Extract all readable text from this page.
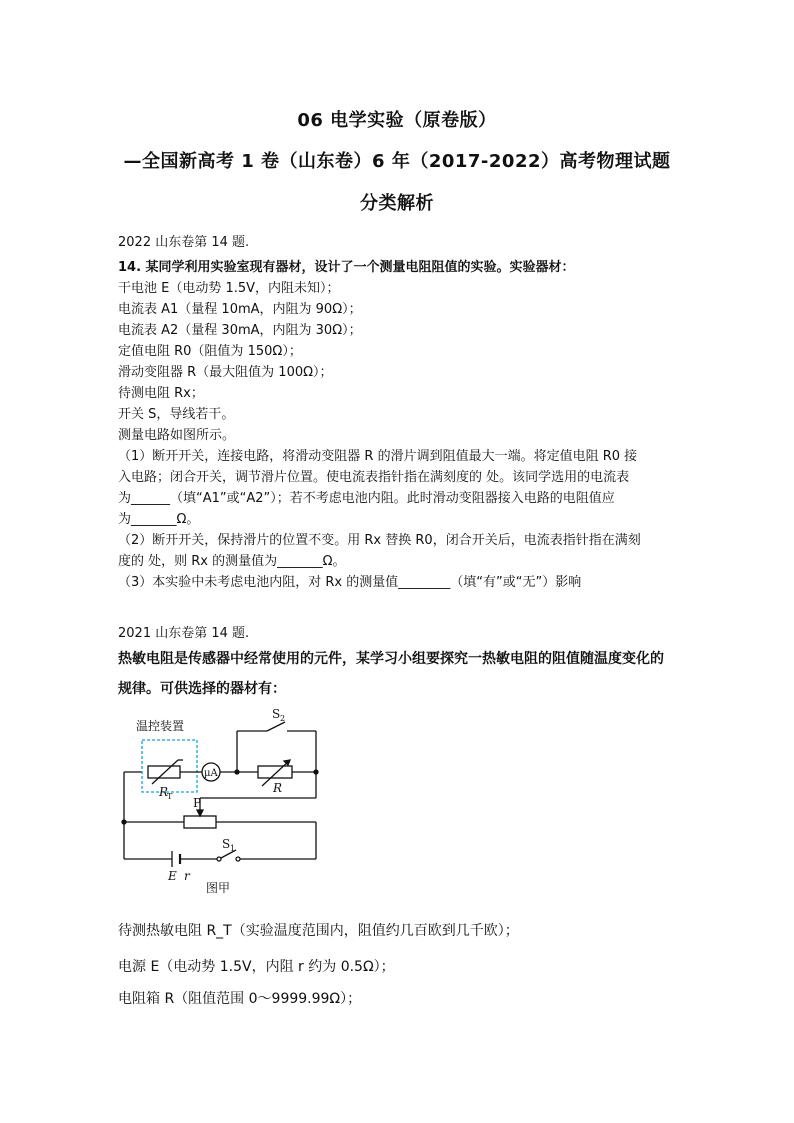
06 电学实验（原卷版）
—全国新高考 1 卷（山东卷）6 年（2017-2022）高考物理试题
分类解析
2022 山东卷第 14 题.
14. 某同学利用实验室现有器材，设计了一个测量电阻阻值的实验。实验器材：
干电池 E（电动势 1.5V，内阻未知）；
电流表 A1（量程 10mA，内阻为 90Ω）；
电流表 A2（量程 30mA，内阻为 30Ω）；
定值电阻 R0（阻值为 150Ω）；
滑动变阻器 R（最大阻值为 100Ω）；
待测电阻 Rx；
开关 S，导线若干。
测量电路如图所示。
（1）断开开关，连接电路，将滑动变阻器 R 的滑片调到阻值最大一端。将定值电阻 R0 接
入电路；闭合开关，调节滑片位置。使电流表指针指在满刻度的 处。该同学选用的电流表
为______（填“A1”或“A2”）；若不考虑电池内阻。此时滑动变阻器接入电路的电阻值应
为_______Ω。
（2）断开开关，保持滑片的位置不变。用 Rx 替换 R0，闭合开关后，电流表指针指在满刻
度的 处，则 Rx 的测量值为_______Ω。
（3）本实验中未考虑电池内阻，对 Rx 的测量值________（填“有”或“无”）影响
2021 山东卷第 14 题.
热敏电阻是传感器中经常使用的元件，某学习小组要探究一热敏电阻的阻值随温度变化的
规律。可供选择的器材有：
温控装置
R
T
μA
R
S 2
P
S 1
E r
图甲
待测热敏电阻 R_T（实验温度范围内，阻值约几百欧到几千欧）；
电源 E（电动势 1.5V，内阻 r 约为 0.5Ω）；
电阻箱 R（阻值范围 0～9999.99Ω）；
